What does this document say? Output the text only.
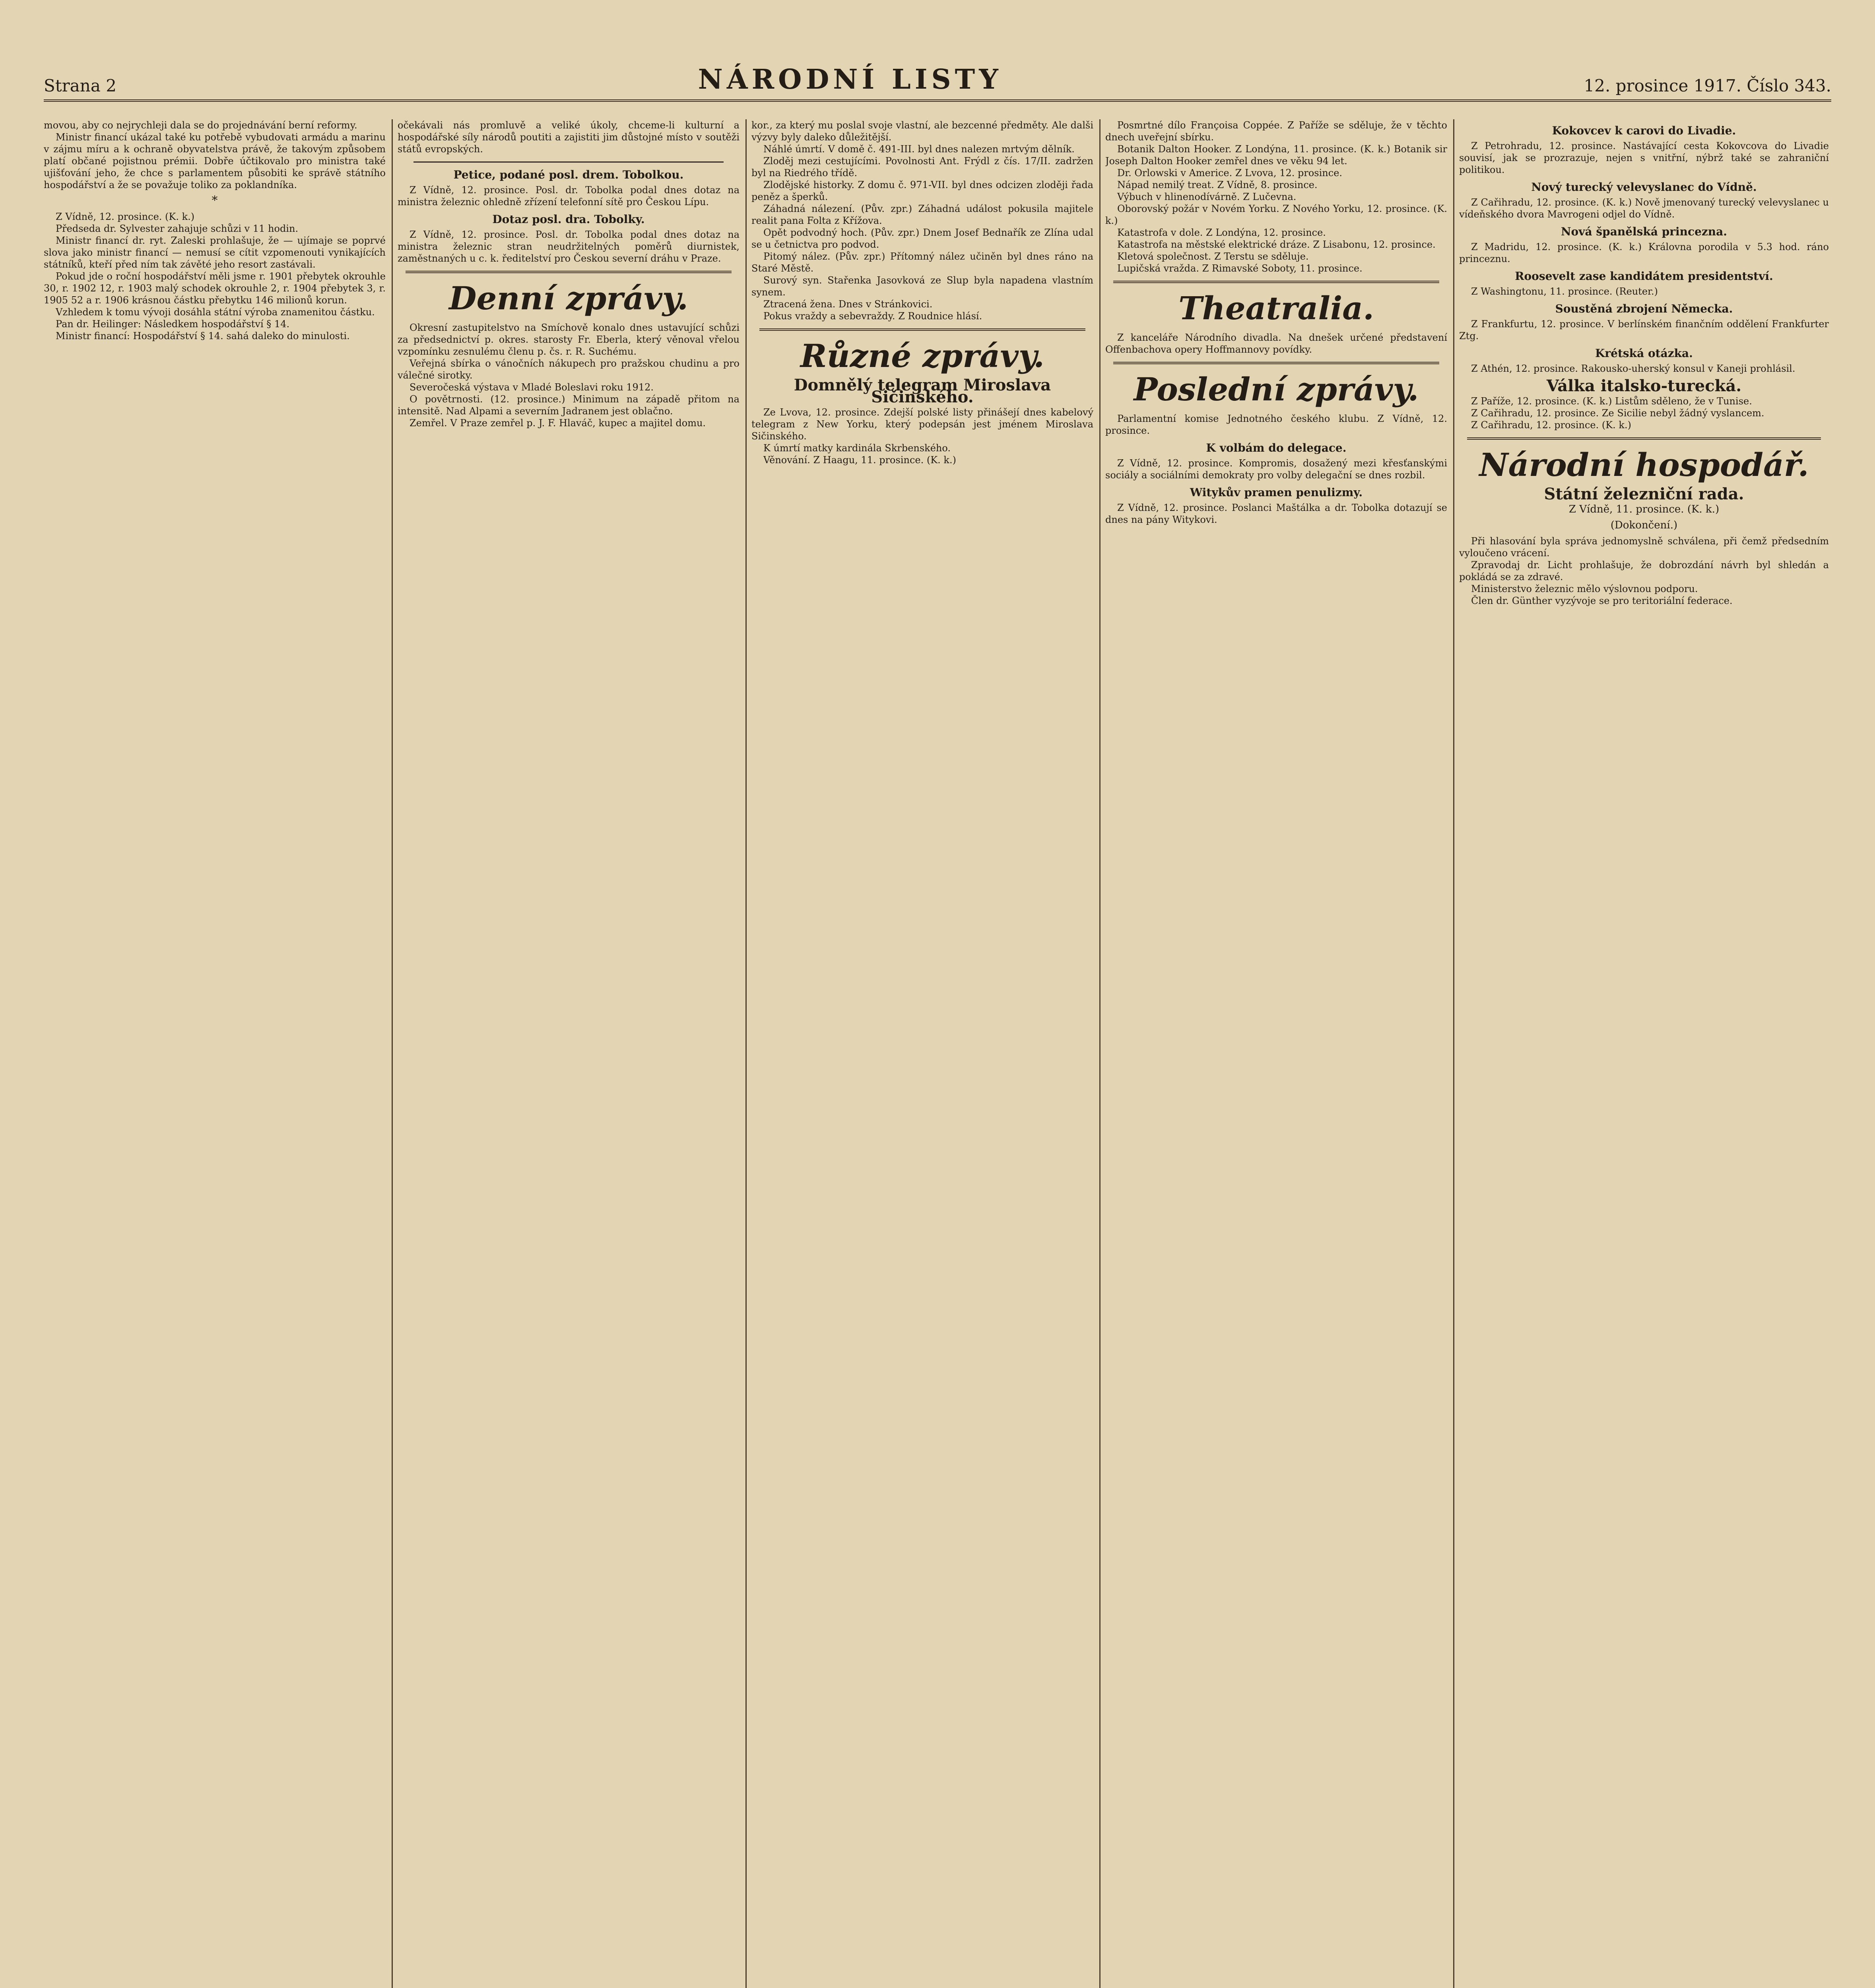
Strana 2	NÁRODNÍ LISTY	12. prosince 1917. Číslo 343.

movou, aby co nejrychleji dala se do projednávání berní reformy.

Ministr financí ukázal také ku potřebě vybudovati armádu a marinu v zájmu míru a k ochraně obyvatelstva právě, že takovým způsobem platí občané pojistnou prémii. Dobře účtikovalo pro ministra také ujišťování jeho, že chce s parlamentem působiti ke správě státního hospodářství a že se považuje toliko za poklandníka.

*

Z Vídně, 12. prosince. (K. k.)

Předseda dr. Sylvester zahajuje schůzi v 11 hodin.

Ministr financí dr. ryt. Zaleski prohlašuje, že — ujímaje se poprvé slova jako ministr financí — nemusí se cítit vzpomenouti vynikajících státníků, kteří před ním tak závěté jeho resort zastávali.

Pokud jde o roční hospodářství měli jsme r. 1901 přebytek okrouhle 30, r. 1902 12, r. 1903 malý schodek okrouhle 2, r. 1904 přebytek 3, r. 1905 52 a r. 1906 krásnou částku přebytku 146 milionů korun.

Vzhledem k tomu vývoji dosáhla státní výroba znamenitou částku.

Pan dr. Heilinger: Následkem hospodářství § 14.

Ministr financí: Hospodářství § 14. sahá daleko do minulosti.

očekávali nás promluvě a veliké úkoly, chceme-li kulturní a hospodářské síly národů poutiti a zajistiti jim důstojné místo v soutěži států evropských.

Petice, podané posl. drem. Tobolkou.

Z Vídně, 12. prosince. Posl. dr. Tobolka podal dnes dotaz na ministra železnic ohledně zřízení telefonní sítě pro Českou Lípu.

Dotaz posl. dra. Tobolky.

Z Vídně, 12. prosince. Posl. dr. Tobolka podal dnes dotaz na ministra železnic stran neudržitelných poměrů diurnistek, zaměstnaných u c. k. ředitelství pro Českou severní dráhu v Praze.

Denní zprávy.

Okresní zastupitelstvo na Smíchově konalo dnes ustavující schůzi za předsednictví p. okres. starosty Fr. Eberla, který věnoval vřelou vzpomínku zesnulému členu p. čs. r. R. Suchému.

Veřejná sbírka o vánočních nákupech pro pražskou chudinu a pro válečné sirotky.

Severočeská výstava v Mladé Boleslavi roku 1912.

O povětrnosti. (12. prosince.) Minimum na západě přitom na intensitě. Nad Alpami a severním Jadranem jest oblačno.

Zemřel. V Praze zemřel p. J. F. Hlaváč, kupec a majitel domu.

kor., za který mu poslal svoje vlastní, ale bezcenné předměty. Ale dalši výzvy byly daleko důležitější.

Náhlé úmrtí. V domě č. 491-III. byl dnes nalezen mrtvým dělník.

Zloděj mezi cestujícími. Povolnosti Ant. Frýdl z čís. 17/II. zadržen byl na Riedrého třídě.

Zlodějské historky. Z domu č. 971-VII. byl dnes odcizen zloději řada peněz a šperků.

Záhadná nálezení. (Pův. zpr.) Záhadná událost pokusila majitele realit pana Folta z Křížova.

Opět podvodný hoch. (Pův. zpr.) Dnem Josef Bednařík ze Zlína udal se u četnictva pro podvod.

Pitomý nález. (Pův. zpr.) Přítomný nález učiněn byl dnes ráno na Staré Městě.

Surový syn. Stařenka Jasovková ze Slup byla napadena vlastním synem.

Ztracená žena. Dnes v Stránkovici.

Pokus vraždy a sebevraždy. Z Roudnice hlásí.

Různé zprávy.
Domnělý telegram Miroslava Sičinského.

Ze Lvova, 12. prosince. Zdejší polské listy přinášejí dnes kabelový telegram z New Yorku, který podepsán jest jménem Miroslava Sičinského.

K úmrtí matky kardinála Skrbenského.

Věnování. Z Haagu, 11. prosince. (K. k.)

Posmrtné dílo Françoisa Coppée. Z Paříže se sděluje, že v těchto dnech uveřejní sbírku.

Botanik Dalton Hooker. Z Londýna, 11. prosince. (K. k.) Botanik sir Joseph Dalton Hooker zemřel dnes ve věku 94 let.

Dr. Orlowski v Americe. Z Lvova, 12. prosince.

Nápad nemilý treat. Z Vídně, 8. prosince.

Výbuch v hlinenodívárně. Z Lučevna.

Oborovský požár v Novém Yorku. Z Nového Yorku, 12. prosince. (K. k.)

Katastrofa v dole. Z Londýna, 12. prosince.

Katastrofa na městské elektrické dráze. Z Lisabonu, 12. prosince.

Kletová společnost. Z Terstu se sděluje.

Lupičská vražda. Z Rimavské Soboty, 11. prosince.

Theatralia.

Z kanceláře Národního divadla. Na dnešek určené představení Offenbachova opery Hoffmannovy povídky.

Poslední zprávy.

Parlamentní komise Jednotného českého klubu. Z Vídně, 12. prosince.

K volbám do delegace.

Z Vídně, 12. prosince. Kompromis, dosažený mezi křesťanskými sociály a sociálními demokraty pro volby delegační se dnes rozbil.

Witykův pramen penulizmy.

Z Vídně, 12. prosince. Poslanci Maštálka a dr. Tobolka dotazují se dnes na pány Witykovi.

Kokovcev k carovi do Livadie.

Z Petrohradu, 12. prosince. Nastávající cesta Kokovcova do Livadie souvisí, jak se prozrazuje, nejen s vnitřní, nýbrž také se zahraniční politikou.

Nový turecký velevyslanec do Vídně.

Z Cařihradu, 12. prosince. (K. k.) Nově jmenovaný turecký velevyslanec u vídeňského dvora Mavrogeni odjel do Vídně.

Nová španělská princezna.

Z Madridu, 12. prosince. (K. k.) Královna porodila v 5.3 hod. ráno princeznu.

Roosevelt zase kandidátem presidentství.

Z Washingtonu, 11. prosince. (Reuter.)

Soustěná zbrojení Německa.

Z Frankfurtu, 12. prosince. V berlínském finančním oddělení Frankfurter Ztg.

Krétská otázka.

Z Athén, 12. prosince. Rakousko-uherský konsul v Kaneji prohlásil.

Válka italsko-turecká.

Z Paříže, 12. prosince. (K. k.) Listům sděleno, že v Tunise.

Z Cařihradu, 12. prosince. Ze Sicilie nebyl žádný vyslancem.

Z Cařihradu, 12. prosince. (K. k.)

Národní hospodář.
Státní železniční rada.
Z Vídně, 11. prosince. (K. k.)
(Dokončení.)

Při hlasování byla správa jednomyslně schválena, při čemž předsedním vyloučeno vrácení.

Zpravodaj dr. Licht prohlašuje, že dobrozdání návrh byl shledán a pokládá se za zdravé.

Ministerstvo železnic mělo výslovnou podporu.

Člen dr. Günther vyzývoje se pro teritoriální federace.
